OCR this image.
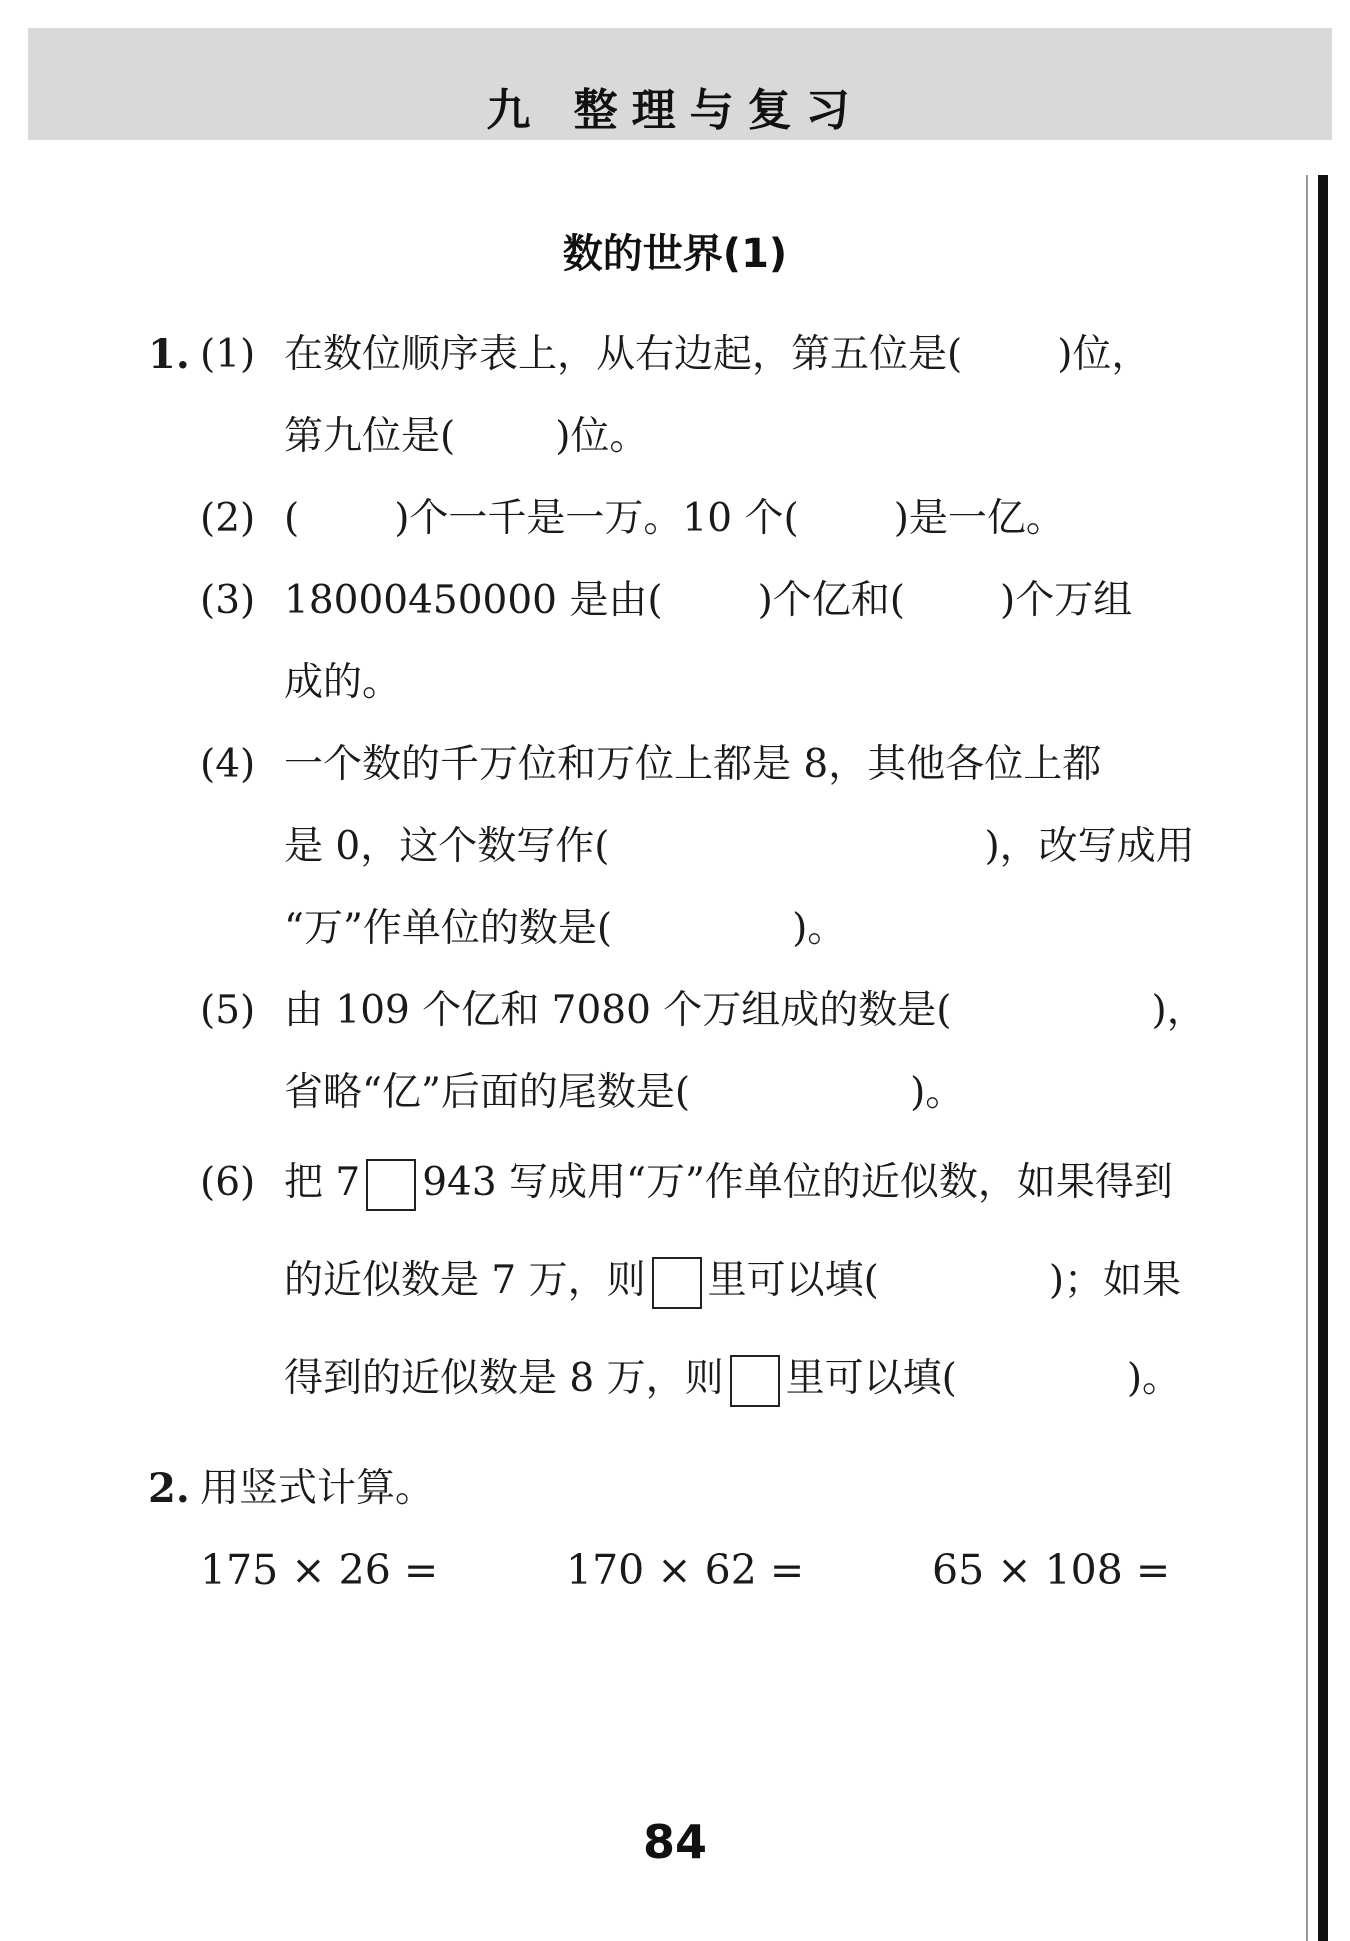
九 整理与复习
数的世界(1)
1. (1) 在数位顺序表上，从右边起，第五位是( )位，
第九位是(	)位。
(2) ( )个一千是一万。10 个( )是一亿。
(3) 18000450000 是由( )个亿和( )个万组
成的。
(4) 一个数的千万位和万位上都是 8，其他各位上都
是 0，这个数写作(	)，改写成用
“万”作单位的数是(	)。
(5) 由 109 个亿和 7080 个万组成的数是(	)，
省略“亿”后面的尾数是(	)。
(6) 把 7 943 写成用“万”作单位的近似数，如果得到
的近似数是 7 万，则 里可以填(	)；如果
得到的近似数是 8 万，则 里可以填(	)。
2. 用竖式计算。
175 × 26 =	170 × 62 =	65 × 108 =
84
